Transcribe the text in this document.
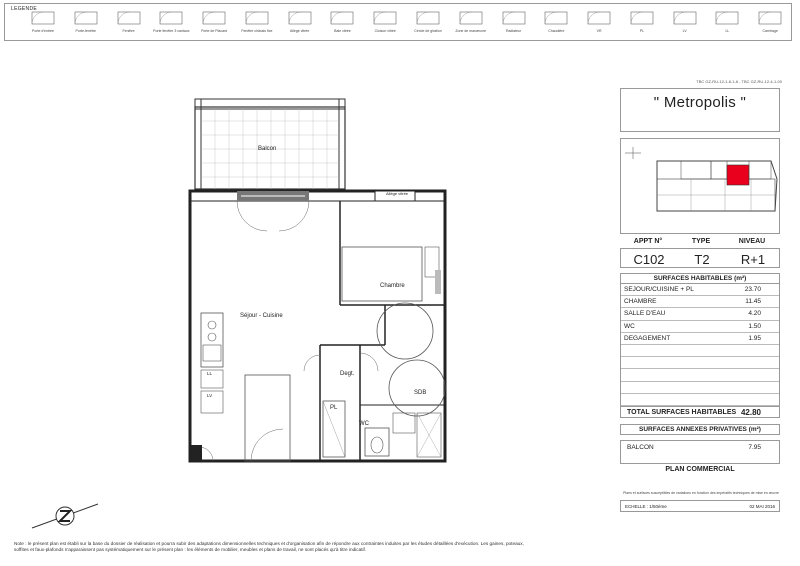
LEGENDE
Porte d'entrée	Porte-fenêtre	Fenêtre	Porte fenêtre 3 vantaux	Porte de Placard	Fenêtre châssis fixe	Allège vitrée	Baie vitrée	Cloison vitrée	Cercle de giration	Zone de manœuvre	Radiateur	Chaudière	VR	PL	LV	LL	Carrelage
Balcon
Séjour - Cuisine
Chambre
Degt.
SDB
WC
PL
LL
LV
Allège vitrée
TBC GZ-RU-12-1-6-1-6 - TBC GZ-RU-12-4-1-00
" Metropolis "
APPT N°	TYPE	NIVEAU
C102	T2	R+1
SURFACES HABITABLES (m²)
SEJOUR/CUISINE + PL	23.70
CHAMBRE	11.45
SALLE D'EAU	4.20
WC	1.50
DEGAGEMENT	1.95
TOTAL SURFACES HABITABLES 42.80
SURFACES ANNEXES PRIVATIVES (m²)
BALCON	7.95
PLAN COMMERCIAL
Plans et surfaces susceptibles de variations en fonction des impératifs techniques de mise en œuvre
ECHELLE : 1/50ème	02 MAI 2016
Note : le présent plan est établi sur la base du dossier de réalisation et pourra subir des adaptations dimensionnelles techniques et d'organisation afin de répondre aux contraintes induites par les études détaillées d'exécution. Les gaines, poteaux, soffites et faux-plafonds n'apparaissent pas systématiquement sur le présent plan : les éléments de mobilier, meubles et plans de travail, ne sont placés qu'à titre indicatif.
